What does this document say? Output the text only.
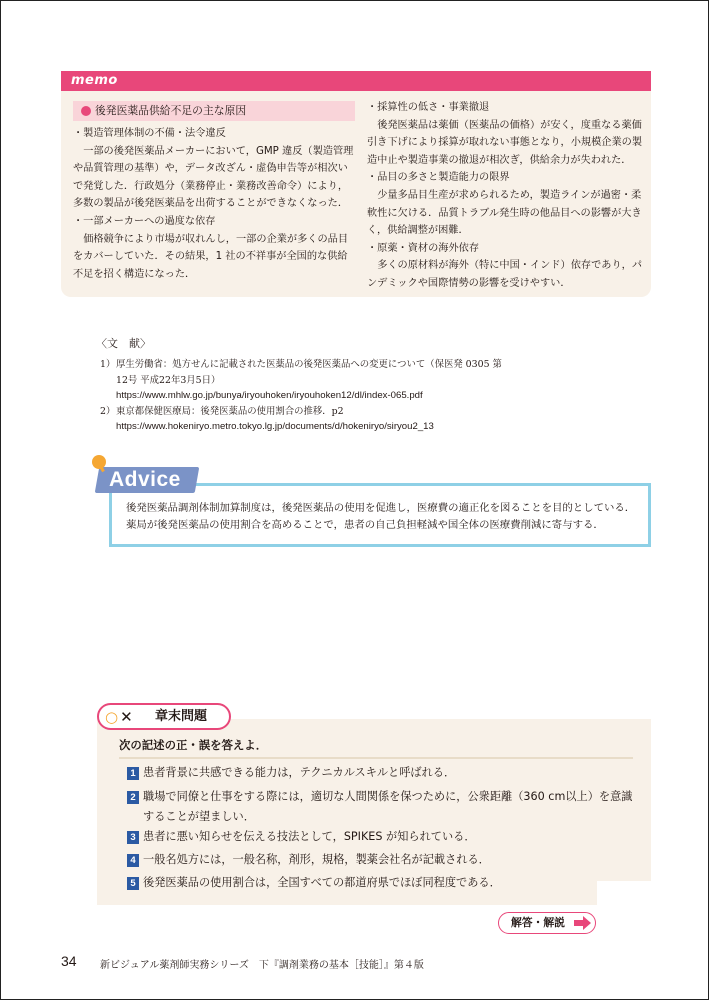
memo
後発医薬品供給不足の主な原因
・製造管理体制の不備・法令違反
一部の後発医薬品メーカーにおいて，GMP 違反（製造管理や品質管理の基準）や，データ改ざん・虚偽申告等が相次いで発覚した．行政処分（業務停止・業務改善命令）により，多数の製品が後発医薬品を出荷することができなくなった．
・一部メーカーへの過度な依存
価格競争により市場が収れんし，一部の企業が多くの品目をカバーしていた．その結果，1 社の不祥事が全国的な供給不足を招く構造になった．
・採算性の低さ・事業撤退
後発医薬品は薬価（医薬品の価格）が安く，度重なる薬価引き下げにより採算が取れない事態となり，小規模企業の製造中止や製造事業の撤退が相次ぎ，供給余力が失われた．
・品目の多さと製造能力の限界
少量多品目生産が求められるため，製造ラインが過密・柔軟性に欠ける．品質トラブル発生時の他品目への影響が大きく，供給調整が困難．
・原薬・資材の海外依存
多くの原材料が海外（特に中国・インド）依存であり，パンデミックや国際情勢の影響を受けやすい．
〈文　献〉
1） 厚生労働省：処方せんに記載された医薬品の後発医薬品への変更について（保医発 0305 第
12号 平成22年3月5日）
https://www.mhlw.go.jp/bunya/iryouhoken/iryouhoken12/dl/index-065.pdf
2） 東京都保健医療局：後発医薬品の使用割合の推移．p2
https://www.hokeniryo.metro.tokyo.lg.jp/documents/d/hokeniryo/siryou2_13
後発医薬品調剤体制加算制度は，後発医薬品の使用を促進し，医療費の適正化を図ることを目的としている．薬局が後発医薬品の使用割合を高めることで，患者の自己負担軽減や国全体の医療費削減に寄与する．
Advice
○ ✕ 章末問題
次の記述の正・誤を答えよ．
1 患者背景に共感できる能力は，テクニカルスキルと呼ばれる．
2 職場で同僚と仕事をする際には，適切な人間関係を保つために，公衆距離（360 cm以上）を意識することが望ましい．
3 患者に悪い知らせを伝える技法として，SPIKES が知られている．
4 一般名処方には，一般名称，剤形，規格，製薬会社名が記載される．
5 後発医薬品の使用割合は，全国すべての都道府県でほぼ同程度である．
解答・解説
34 新ビジュアル薬剤師実務シリーズ　下『調剤業務の基本［技能］』第４版
